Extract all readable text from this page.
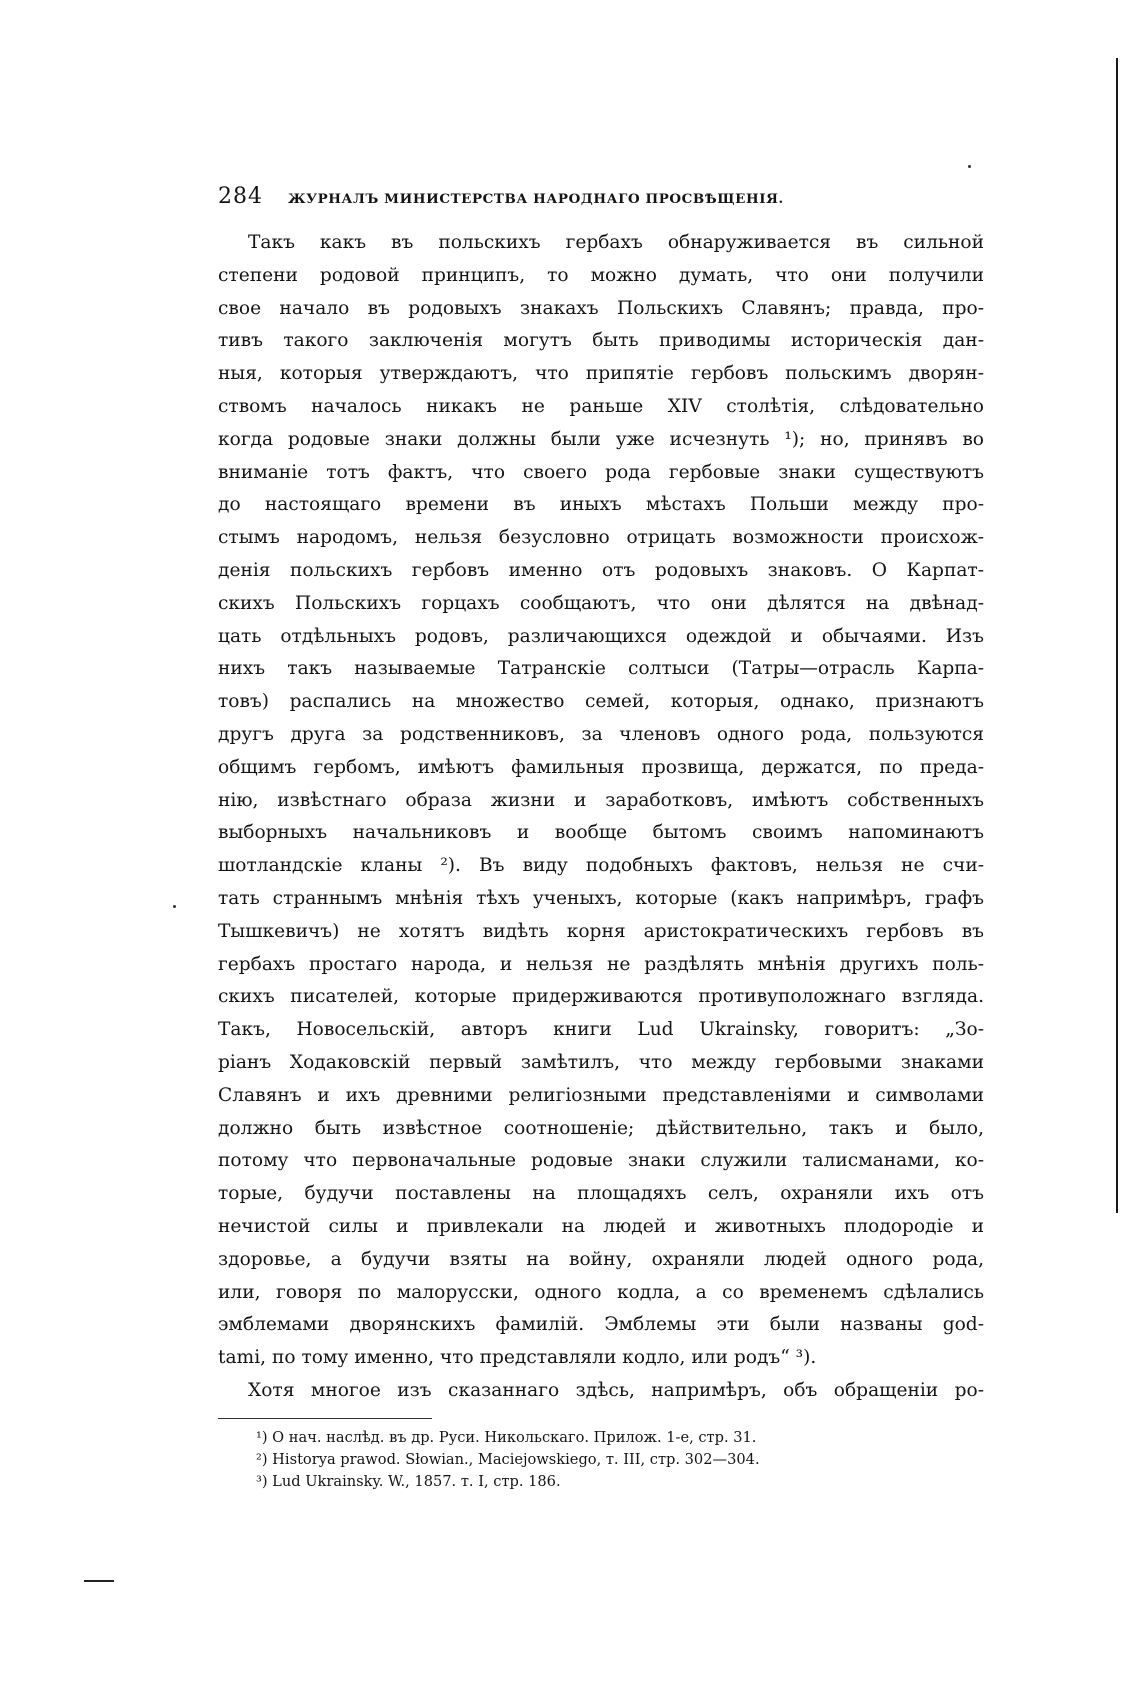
284	ЖУРНАЛЪ МИНИСТЕРСТВА НАРОДНАГО ПРОСВѢЩЕНІЯ.

Такъ какъ въ польскихъ гербахъ обнаруживается въ сильной
степени родовой принципъ, то можно думать, что они получили
свое начало въ родовыхъ знакахъ Польскихъ Славянъ; правда, про-
тивъ такого заключенія могутъ быть приводимы историческія дан-
ныя, которыя утверждаютъ, что припятіе гербовъ польскимъ дворян-
ствомъ началось никакъ не раньше XIV столѣтія, слѣдовательно
когда родовые знаки должны были уже исчезнуть ¹); но, принявъ во
вниманіе тотъ фактъ, что своего рода гербовые знаки существуютъ
до настоящаго времени въ иныхъ мѣстахъ Польши между про-
стымъ народомъ, нельзя безусловно отрицать возможности происхож-
денія польскихъ гербовъ именно отъ родовыхъ знаковъ. О Карпат-
скихъ Польскихъ горцахъ сообщаютъ, что они дѣлятся на двѣнад-
цать отдѣльныхъ родовъ, различающихся одеждой и обычаями. Изъ
нихъ такъ называемые Татранскіе солтыси (Татры—отрасль Карпа-
товъ) распались на множество семей, которыя, однако, признаютъ
другъ друга за родственниковъ, за членовъ одного рода, пользуются
общимъ гербомъ, имѣютъ фамильныя прозвища, держатся, по преда-
нію, извѣстнаго образа жизни и заработковъ, имѣютъ собственныхъ
выборныхъ начальниковъ и вообще бытомъ своимъ напоминаютъ
шотландскіе кланы ²). Въ виду подобныхъ фактовъ, нельзя не счи-
тать страннымъ мнѣнія тѣхъ ученыхъ, которые (какъ напримѣръ, графъ
Тышкевичъ) не хотятъ видѣть корня аристократическихъ гербовъ въ
гербахъ простаго народа, и нельзя не раздѣлять мнѣнія другихъ поль-
скихъ писателей, которые придерживаются противуположнаго взгляда.
Такъ, Новосельскій, авторъ книги Lud Ukrainsky, говоритъ: „Зо-
ріанъ Ходаковскій первый замѣтилъ, что между гербовыми знаками
Славянъ и ихъ древними религіозными представленіями и символами
должно быть извѣстное соотношеніе; дѣйствительно, такъ и было,
потому что первоначальные родовые знаки служили талисманами, ко-
торые, будучи поставлены на площадяхъ селъ, охраняли ихъ отъ
нечистой силы и привлекали на людей и животныхъ плодородіе и
здоровье, а будучи взяты на войну, охраняли людей одного рода,
или, говоря по малорусски, одного кодла, а со временемъ сдѣлались
эмблемами дворянскихъ фамилій. Эмблемы эти были названы god-
tami, по тому именно, что представляли кодло, или родъ“ ³).
Хотя многое изъ сказаннаго здѣсь, напримѣръ, объ обращеніи ро-

¹) О нач. наслѣд. въ др. Руси. Никольскаго. Прилож. 1-е, стр. 31.
²) Historya prawod. Słowian., Maciejowskiego, т. III, стр. 302—304.
³) Lud Ukrainsky. W., 1857. т. I, стр. 186.
